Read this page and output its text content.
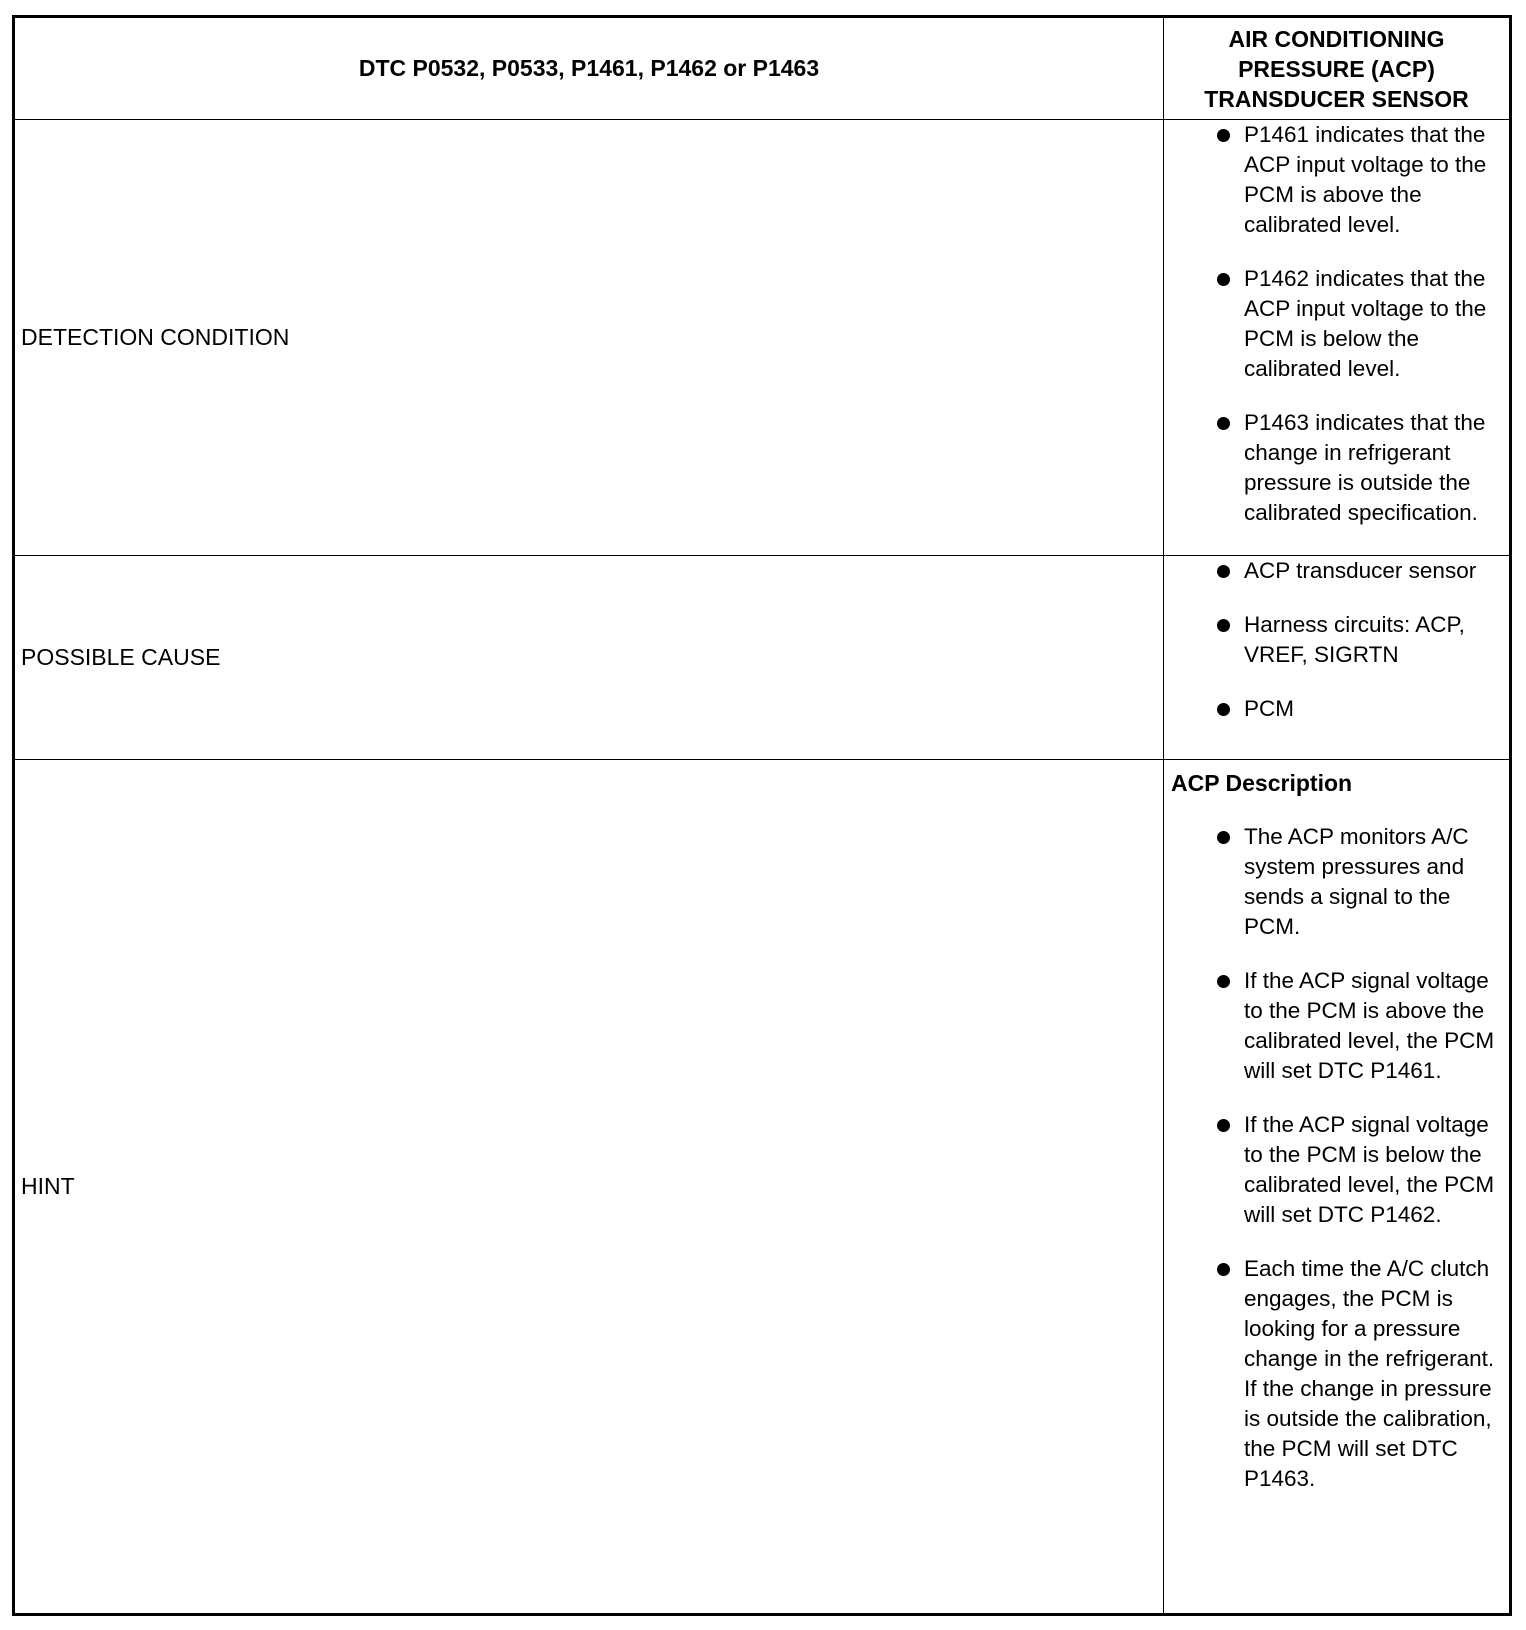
DTC P0532, P0533, P1461, P1462 or P1463
AIR CONDITIONING PRESSURE (ACP) TRANSDUCER SENSOR
DETECTION CONDITION
P1461 indicates that the ACP input voltage to the PCM is above the calibrated level.
P1462 indicates that the ACP input voltage to the PCM is below the calibrated level.
P1463 indicates that the change in refrigerant pressure is outside the calibrated specification.
POSSIBLE CAUSE
ACP transducer sensor
Harness circuits: ACP, VREF, SIGRTN
PCM
HINT
ACP Description
The ACP monitors A/C system pressures and sends a signal to the PCM.
If the ACP signal voltage to the PCM is above the calibrated level, the PCM will set DTC P1461.
If the ACP signal voltage to the PCM is below the calibrated level, the PCM will set DTC P1462.
Each time the A/C clutch engages, the PCM is looking for a pressure change in the refrigerant. If the change in pressure is outside the calibration, the PCM will set DTC P1463.
